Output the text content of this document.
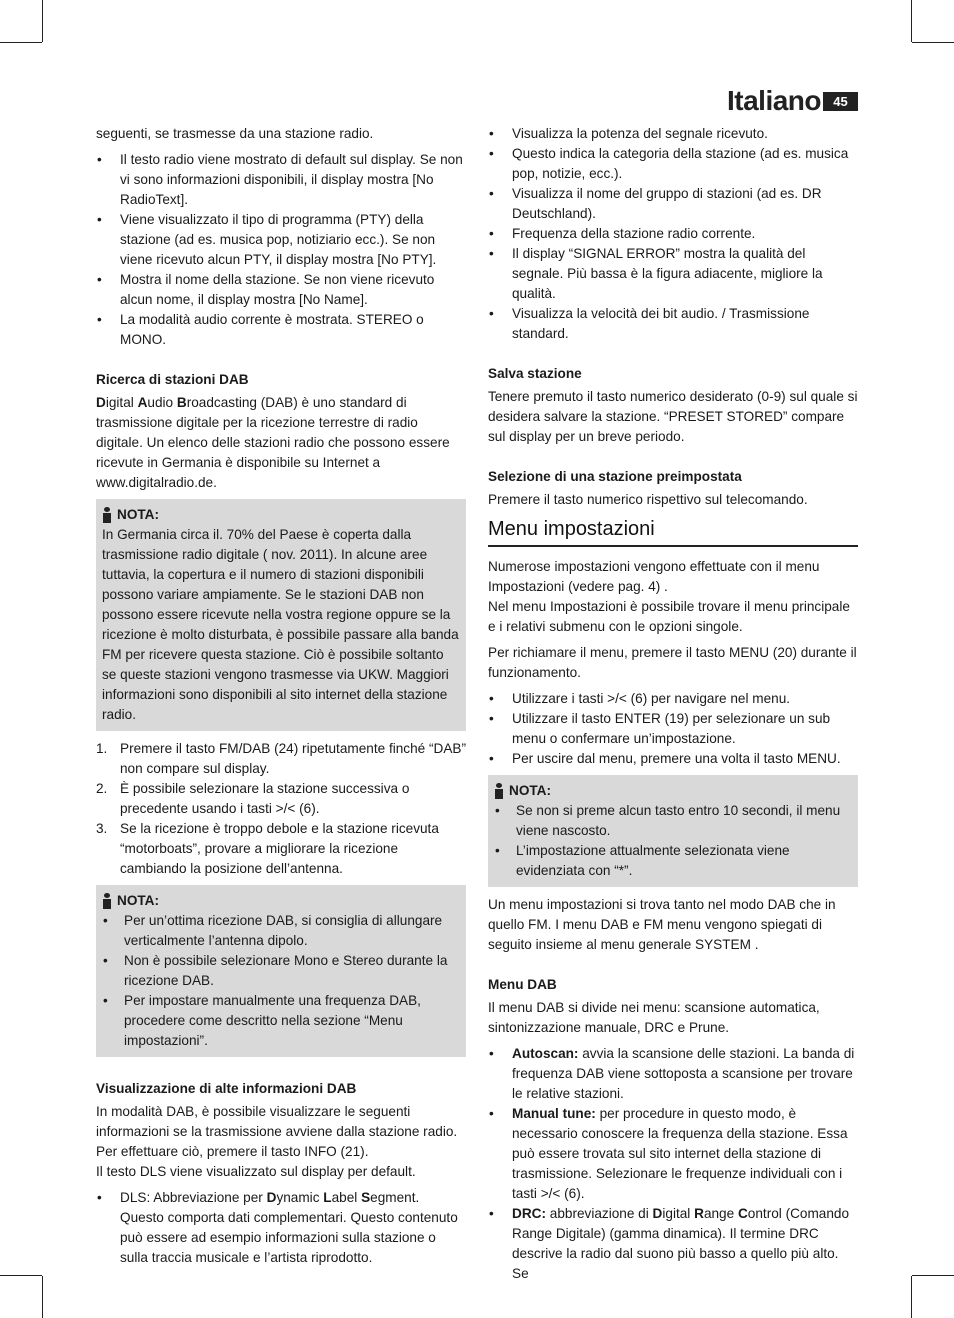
Italiano 45

seguenti, se trasmesse da una stazione radio.

• Il testo radio viene mostrato di default sul display. Se non vi sono informazioni disponibili, il display mostra [No RadioText].
• Viene visualizzato il tipo di programma (PTY) della stazione (ad es. musica pop, notiziario ecc.). Se non viene ricevuto alcun PTY, il display mostra [No PTY].
• Mostra il nome della stazione. Se non viene ricevuto alcun nome, il display mostra [No Name].
• La modalità audio corrente è mostrata. STEREO o MONO.
Ricerca di stazioni DAB

Digital Audio Broadcasting (DAB) è uno standard di trasmissione digitale per la ricezione terrestre di radio digitale. Un elenco delle stazioni radio che possono essere ricevute in Germania è disponibile su Internet a www.digitalradio.de.

NOTA:
In Germania circa il. 70% del Paese è coperta dalla trasmissione radio digitale ( nov. 2011). In alcune aree tuttavia, la copertura e il numero di stazioni disponibili possono variare ampiamente. Se le stazioni DAB non possono essere ricevute nella vostra regione oppure se la ricezione è molto disturbata, è possibile passare alla banda FM per ricevere questa stazione. Ciò è possibile soltanto se queste stazioni vengono trasmesse via UKW. Maggiori informazioni sono disponibili al sito internet della stazione radio.
1. Premere il tasto FM/DAB (24) ripetutamente finché “DAB” non compare sul display.
2. È possibile selezionare la stazione successiva o precedente usando i tasti >/< (6).
3. Se la ricezione è troppo debole e la stazione ricevuta “motorboats”, provare a migliorare la ricezione cambiando la posizione dell’antenna.
NOTA:
• Per un’ottima ricezione DAB, si consiglia di allungare verticalmente l’antenna dipolo.
• Non è possibile selezionare Mono e Stereo durante la ricezione DAB.
• Per impostare manualmente una frequenza DAB, procedere come descritto nella sezione “Menu impostazioni”.
Visualizzazione di alte informazioni DAB
In modalità DAB, è possibile visualizzare le seguenti informazioni se la trasmissione avviene dalla stazione radio. Per effettuare ciò, premere il tasto INFO (21).

Il testo DLS viene visualizzato sul display per default.

• DLS: Abbreviazione per Dynamic Label Segment. Questo comporta dati complementari. Questo contenuto può essere ad esempio informazioni sulla stazione o sulla traccia musicale e l’artista riprodotto.
• Visualizza la potenza del segnale ricevuto.
• Questo indica la categoria della stazione (ad es. musica pop, notizie, ecc.).
• Visualizza il nome del gruppo di stazioni (ad es. DR Deutschland).
• Frequenza della stazione radio corrente.
• Il display “SIGNAL ERROR” mostra la qualità del segnale. Più bassa è la figura adiacente, migliore la qualità.
• Visualizza la velocità dei bit audio. / Trasmissione standard.
Salva stazione

Tenere premuto il tasto numerico desiderato (0-9) sul quale si desidera salvare la stazione. “PRESET STORED” compare sul display per un breve periodo.

Selezione di una stazione preimpostata

Premere il tasto numerico rispettivo sul telecomando.

Menu impostazioni
Numerose impostazioni vengono effettuate con il menu Impostazioni (vedere pag. 4) .

Nel menu Impostazioni è possibile trovare il menu principale e i relativi submenu con le opzioni singole.

Per richiamare il menu, premere il tasto MENU (20) durante il funzionamento.

• Utilizzare i tasti >/< (6) per navigare nel menu.
• Utilizzare il tasto ENTER (19) per selezionare un sub menu o confermare un’impostazione.
• Per uscire dal menu, premere una volta il tasto MENU.
NOTA:
• Se non si preme alcun tasto entro 10 secondi, il menu viene nascosto.
• L’impostazione attualmente selezionata viene evidenziata con “*”.

Un menu impostazioni si trova tanto nel modo DAB che in quello FM. I menu DAB e FM menu vengono spiegati di seguito insieme al menu generale SYSTEM .

Menu DAB

Il menu DAB si divide nei menu: scansione automatica, sintonizzazione manuale, DRC e Prune.

• Autoscan: avvia la scansione delle stazioni. La banda di frequenza DAB viene sottoposta a scansione per trovare le relative stazioni.
• Manual tune: per procedure in questo modo, è necessario conoscere la frequenza della stazione. Essa può essere trovata sul sito internet della stazione di trasmissione. Selezionare le frequenze individuali con i tasti >/< (6).
• DRC: abbreviazione di Digital Range Control (Comando Range Digitale) (gamma dinamica). Il termine DRC descrive la radio dal suono più basso a quello più alto. Se
